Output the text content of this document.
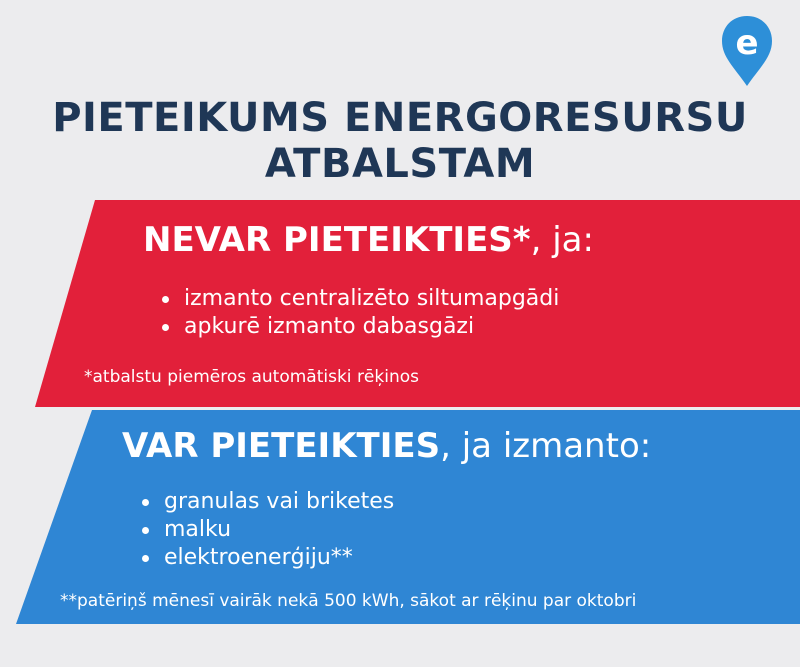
e
PIETEIKUMS ENERGORESURSU
ATBALSTAM

NEVAR PIETEIKTIES*, ja:

izmanto centralizēto siltumapgādi
apkurē izmanto dabasgāzi

*atbalstu piemēros automātiski rēķinos

VAR PIETEIKTIES, ja izmanto:

granulas vai briketes
malku
elektroenerģiju**

**patēriņš mēnesī vairāk nekā 500 kWh, sākot ar rēķinu par oktobri
